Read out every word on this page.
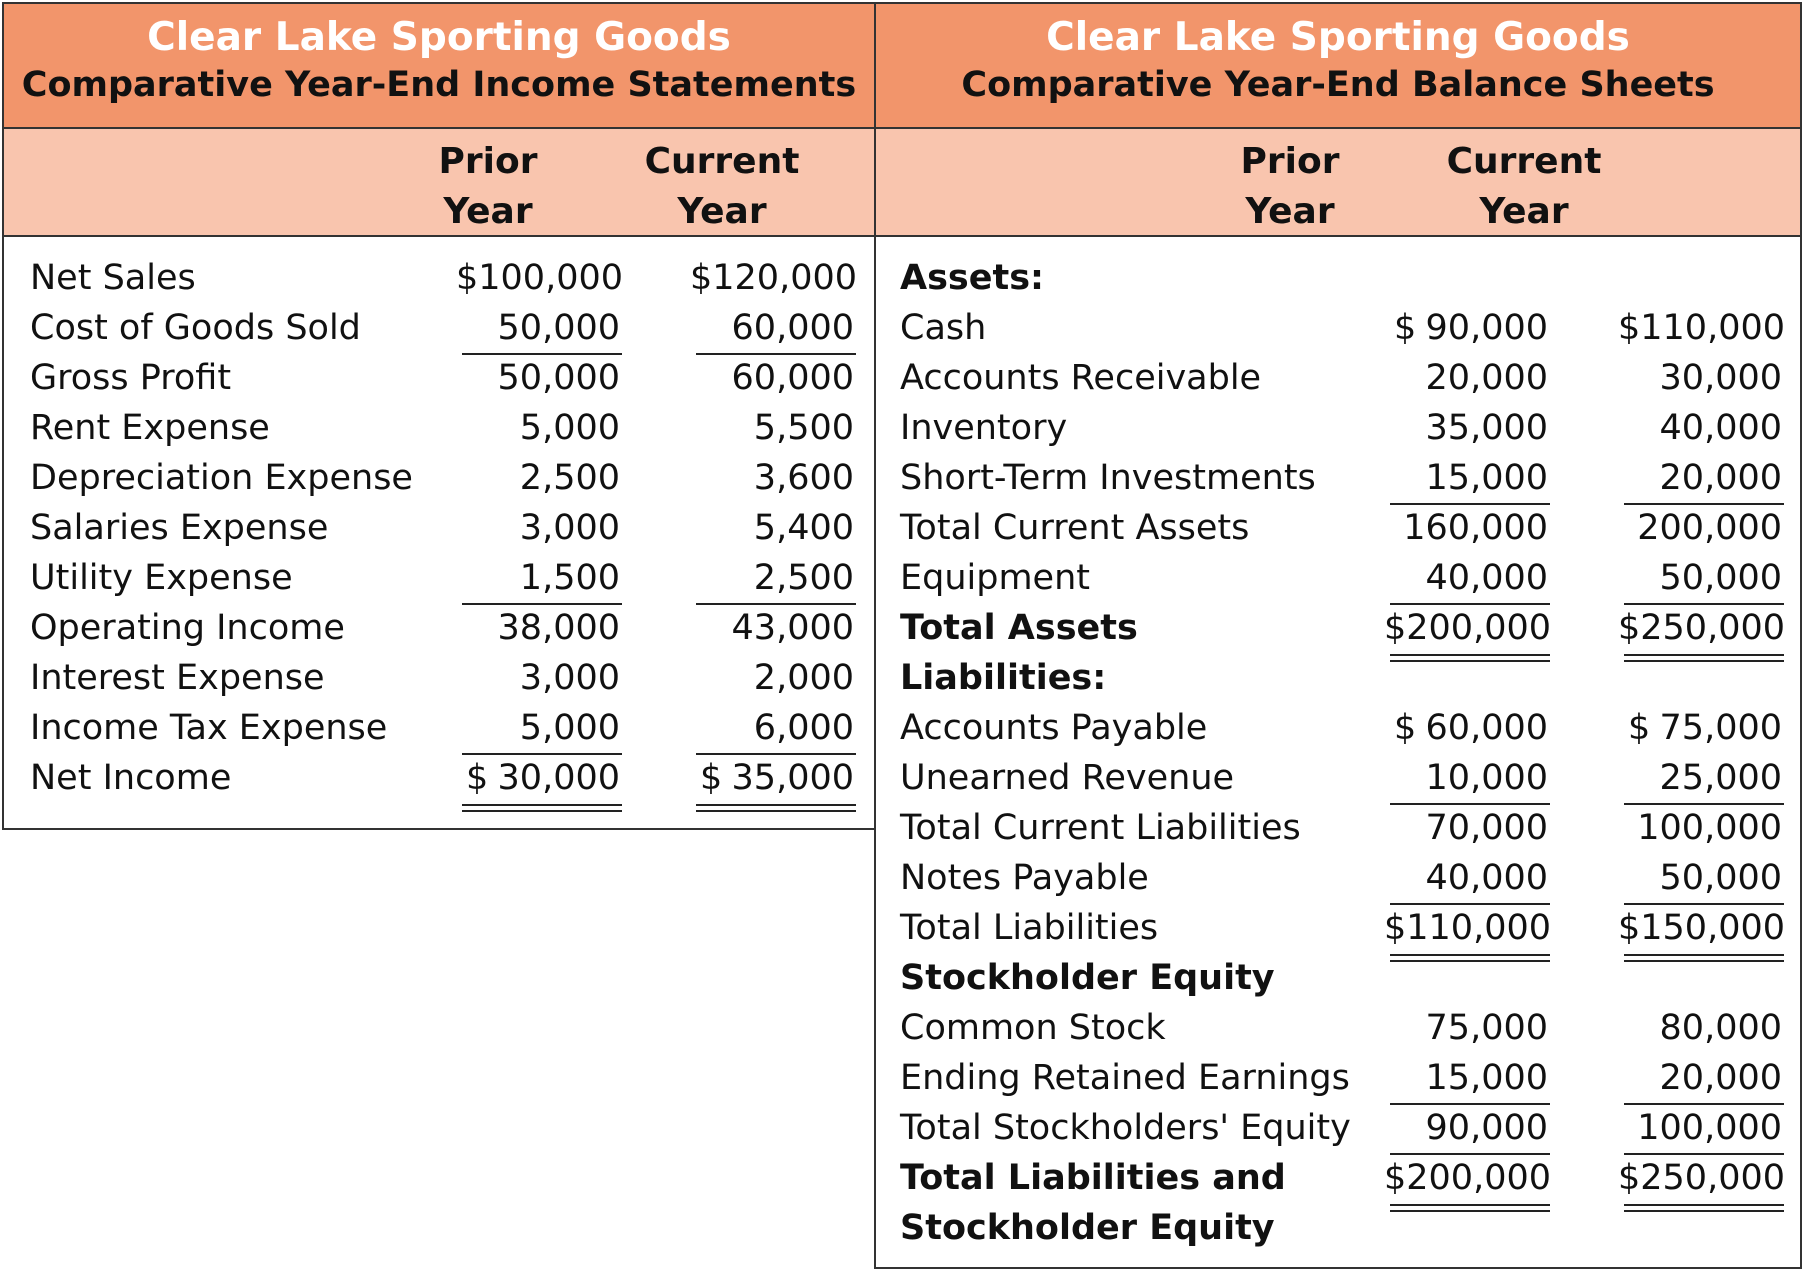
Clear Lake Sporting Goods
Comparative Year-End Income Statements
Prior
Year
Current
Year
Net Sales	$100,000 $120,000
Cost of Goods Sold	50,000	60,000
Gross Profit	50,000	60,000
Rent Expense	5,000	5,500
Depreciation Expense	2,500	3,600
Salaries Expense	3,000	5,400
Utility Expense	1,500	2,500
Operating Income	38,000	43,000
Interest Expense	3,000	2,000
Income Tax Expense	5,000	6,000
Net Income	$ 30,000 $ 35,000
Clear Lake Sporting Goods
Comparative Year-End Balance Sheets
Prior
Year
Current
Year
Assets:
Cash	$ 90,000 $110,000
Accounts Receivable	20,000	30,000
Inventory	35,000	40,000
Short-Term Investments	15,000	20,000
Total Current Assets	160,000	200,000
Equipment	40,000	50,000
Total Assets	$200,000 $250,000
Liabilities:
Accounts Payable	$ 60,000 $ 75,000
Unearned Revenue	10,000	25,000
Total Current Liabilities	70,000	100,000
Notes Payable	40,000	50,000
Total Liabilities	$110,000 $150,000
Stockholder Equity
Common Stock	75,000	80,000
Ending Retained Earnings	15,000	20,000
Total Stockholders' Equity	90,000	100,000
Total Liabilities and	$200,000 $250,000
Stockholder Equity
